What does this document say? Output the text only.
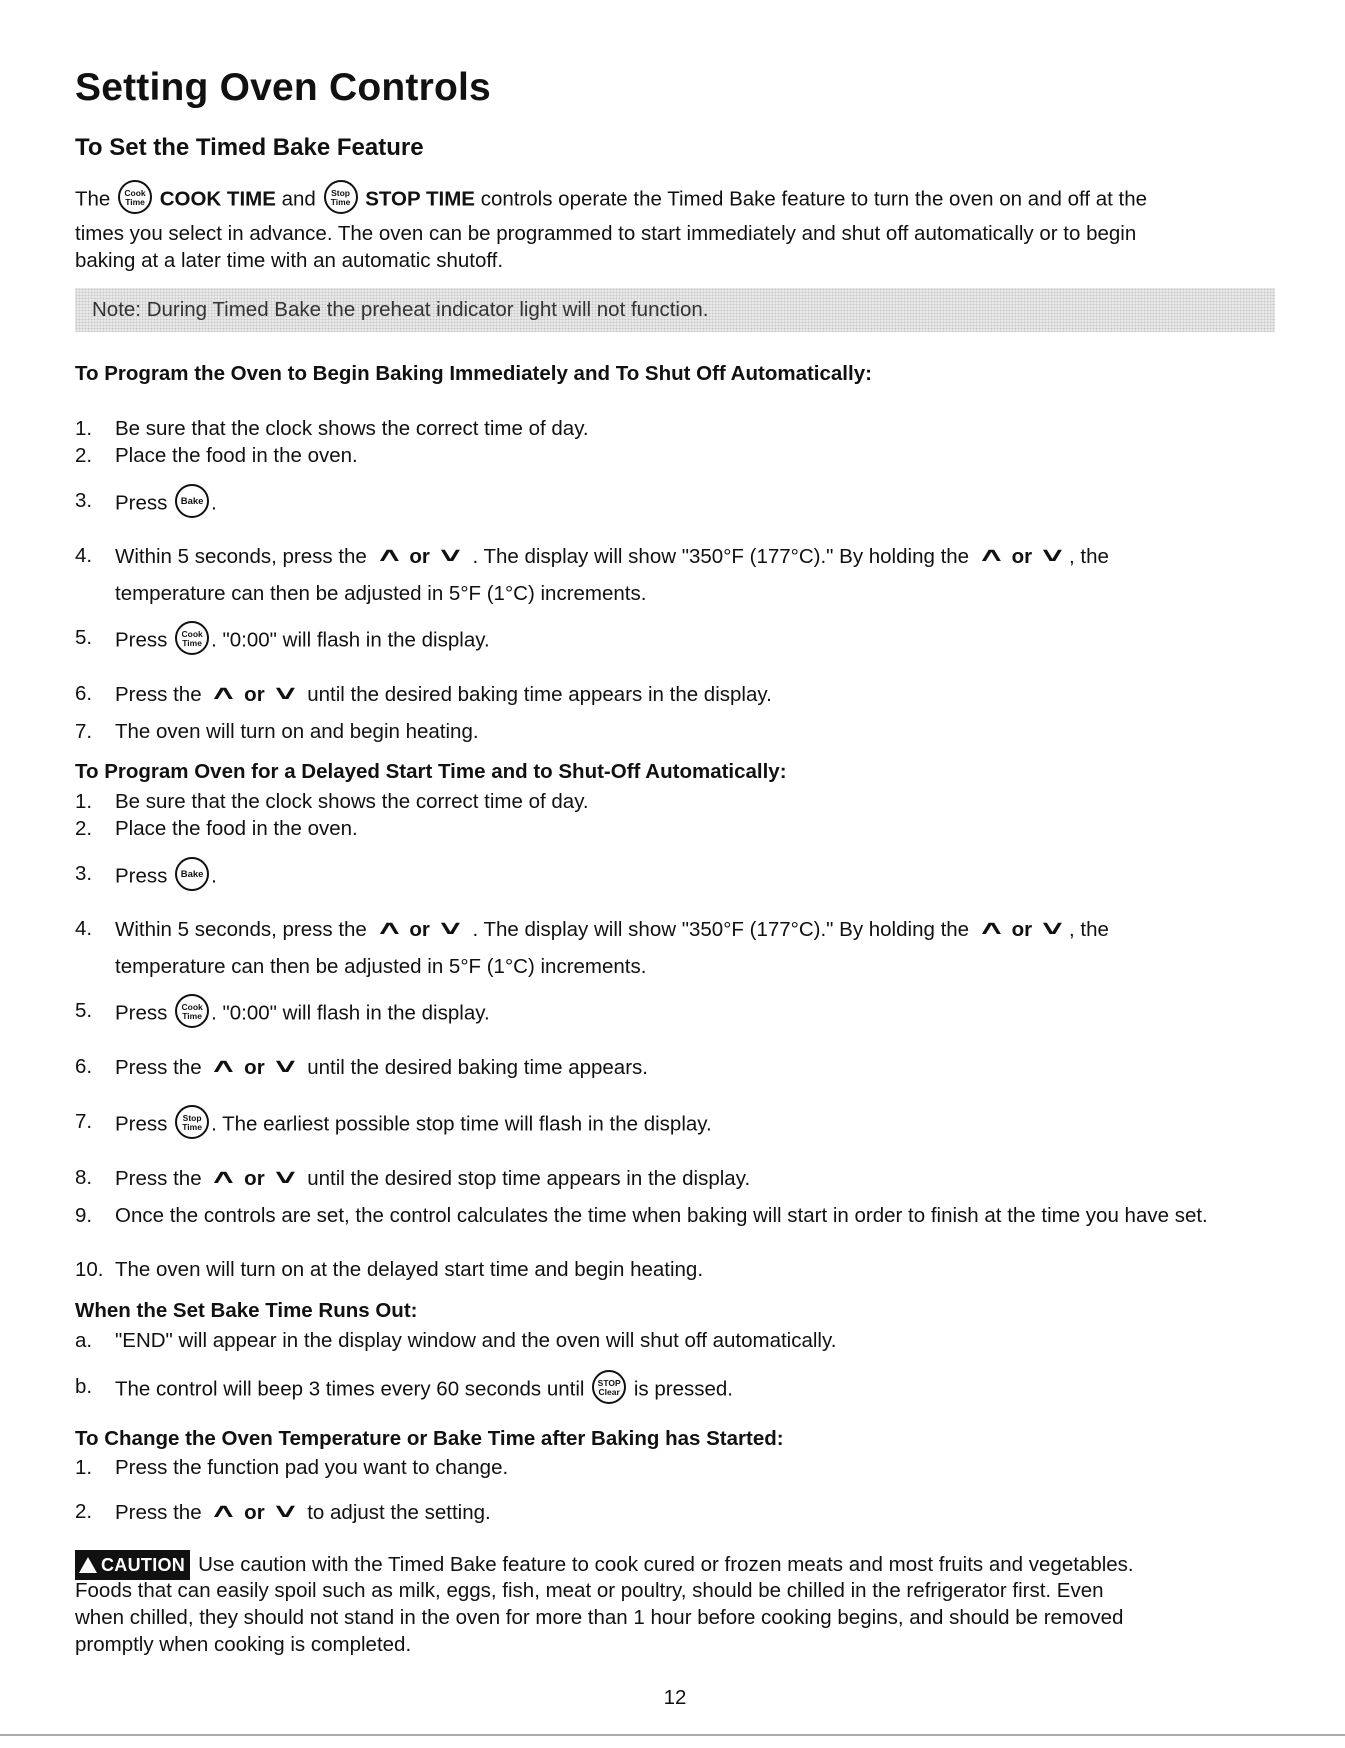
Setting Oven Controls
To Set the Timed Bake Feature
The Cook
Time COOK TIME and Stop
Time STOP TIME controls operate the Timed Bake feature to turn the oven on and off at the
times you select in advance. The oven can be programmed to start immediately and shut off automatically or to begin
baking at a later time with an automatic shutoff.
Note: During Timed Bake the preheat indicator light will not function.
To Program the Oven to Begin Baking Immediately and To Shut Off Automatically:
1. Be sure that the clock shows the correct time of day.
2. Place the food in the oven.
3. Press Bake .
4. Within 5 seconds, press the ˄ or ˅ . The display will show "350°F (177°C)." By holding the ˄ or ˅ , the
temperature can then be adjusted in 5°F (1°C) increments.
5. Press Cook
Time . "0:00" will flash in the display.
6. Press the ˄ or ˅ until the desired baking time appears in the display.
7. The oven will turn on and begin heating.
To Program Oven for a Delayed Start Time and to Shut-Off Automatically:
1. Be sure that the clock shows the correct time of day.
2. Place the food in the oven.
3. Press Bake .
4. Within 5 seconds, press the ˄ or ˅ . The display will show "350°F (177°C)." By holding the ˄ or ˅ , the
temperature can then be adjusted in 5°F (1°C) increments.
5. Press Cook
Time . "0:00" will flash in the display.
6. Press the ˄ or ˅ until the desired baking time appears.
7. Press Stop
Time . The earliest possible stop time will flash in the display.
8. Press the ˄ or ˅ until the desired stop time appears in the display.
9. Once the controls are set, the control calculates the time when baking will start in order to finish at the time you have set.
10. The oven will turn on at the delayed start time and begin heating.
When the Set Bake Time Runs Out:
a. "END" will appear in the display window and the oven will shut off automatically.
b. The control will beep 3 times every 60 seconds until STOP
Clear is pressed.
To Change the Oven Temperature or Bake Time after Baking has Started:
1. Press the function pad you want to change.
2. Press the ˄ or ˅ to adjust the setting.
CAUTION Use caution with the Timed Bake feature to cook cured or frozen meats and most fruits and vegetables.
Foods that can easily spoil such as milk, eggs, fish, meat or poultry, should be chilled in the refrigerator first. Even
when chilled, they should not stand in the oven for more than 1 hour before cooking begins, and should be removed
promptly when cooking is completed.
12
